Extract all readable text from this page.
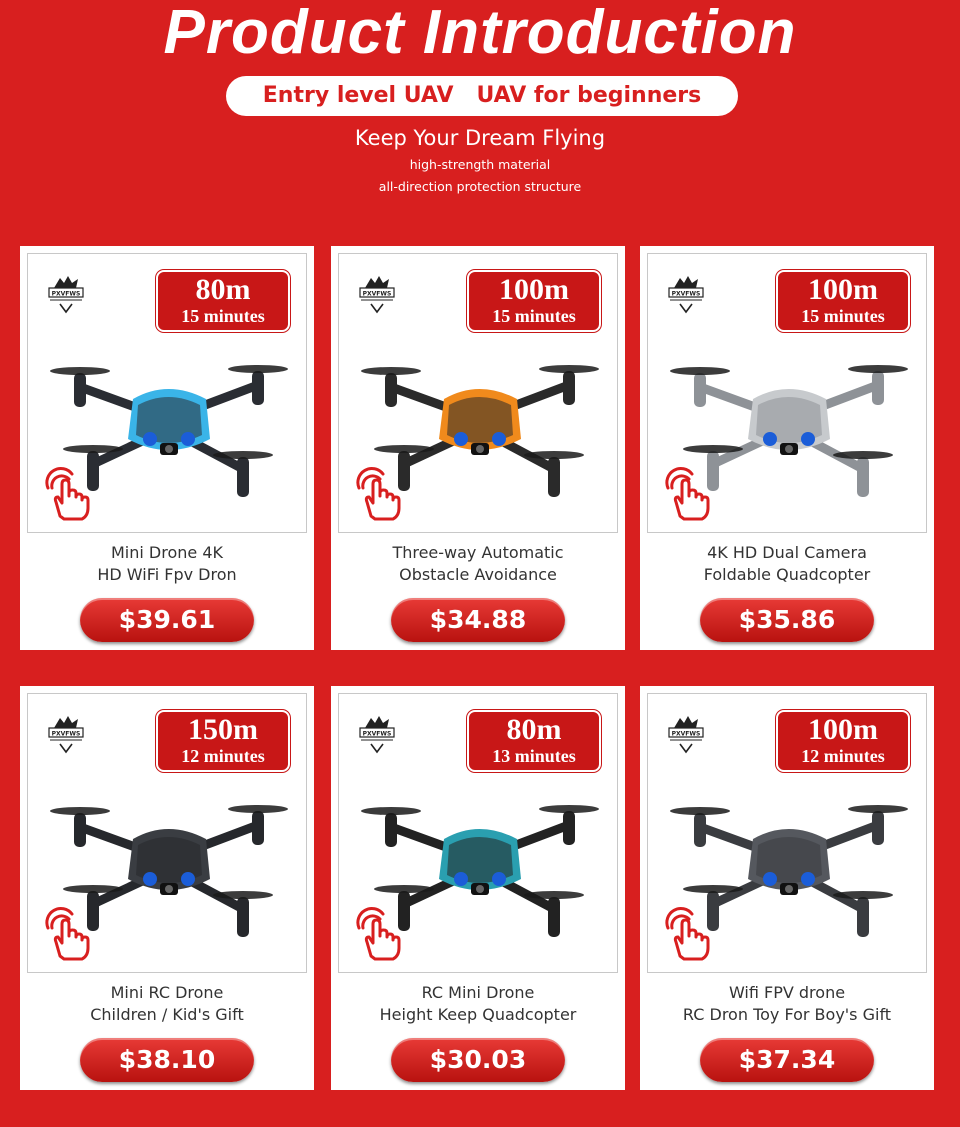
Product Introduction
Entry level UAV   UAV for beginners
Keep Your Dream Flying
high-strength material
all-direction protection structure
PXVFWS	80m
15 minutes
Mini Drone 4K
HD WiFi Fpv Dron
$39.61
PXVFWS	100m
15 minutes
Three-way Automatic
Obstacle Avoidance
$34.88
PXVFWS	100m
15 minutes
4K HD Dual Camera
Foldable Quadcopter
$35.86
PXVFWS	150m
12 minutes
Mini RC Drone
Children / Kid's Gift
$38.10
PXVFWS	80m
13 minutes
RC Mini Drone
Height Keep Quadcopter
$30.03
PXVFWS	100m
12 minutes
Wifi FPV drone
RC Dron Toy For Boy's Gift
$37.34
